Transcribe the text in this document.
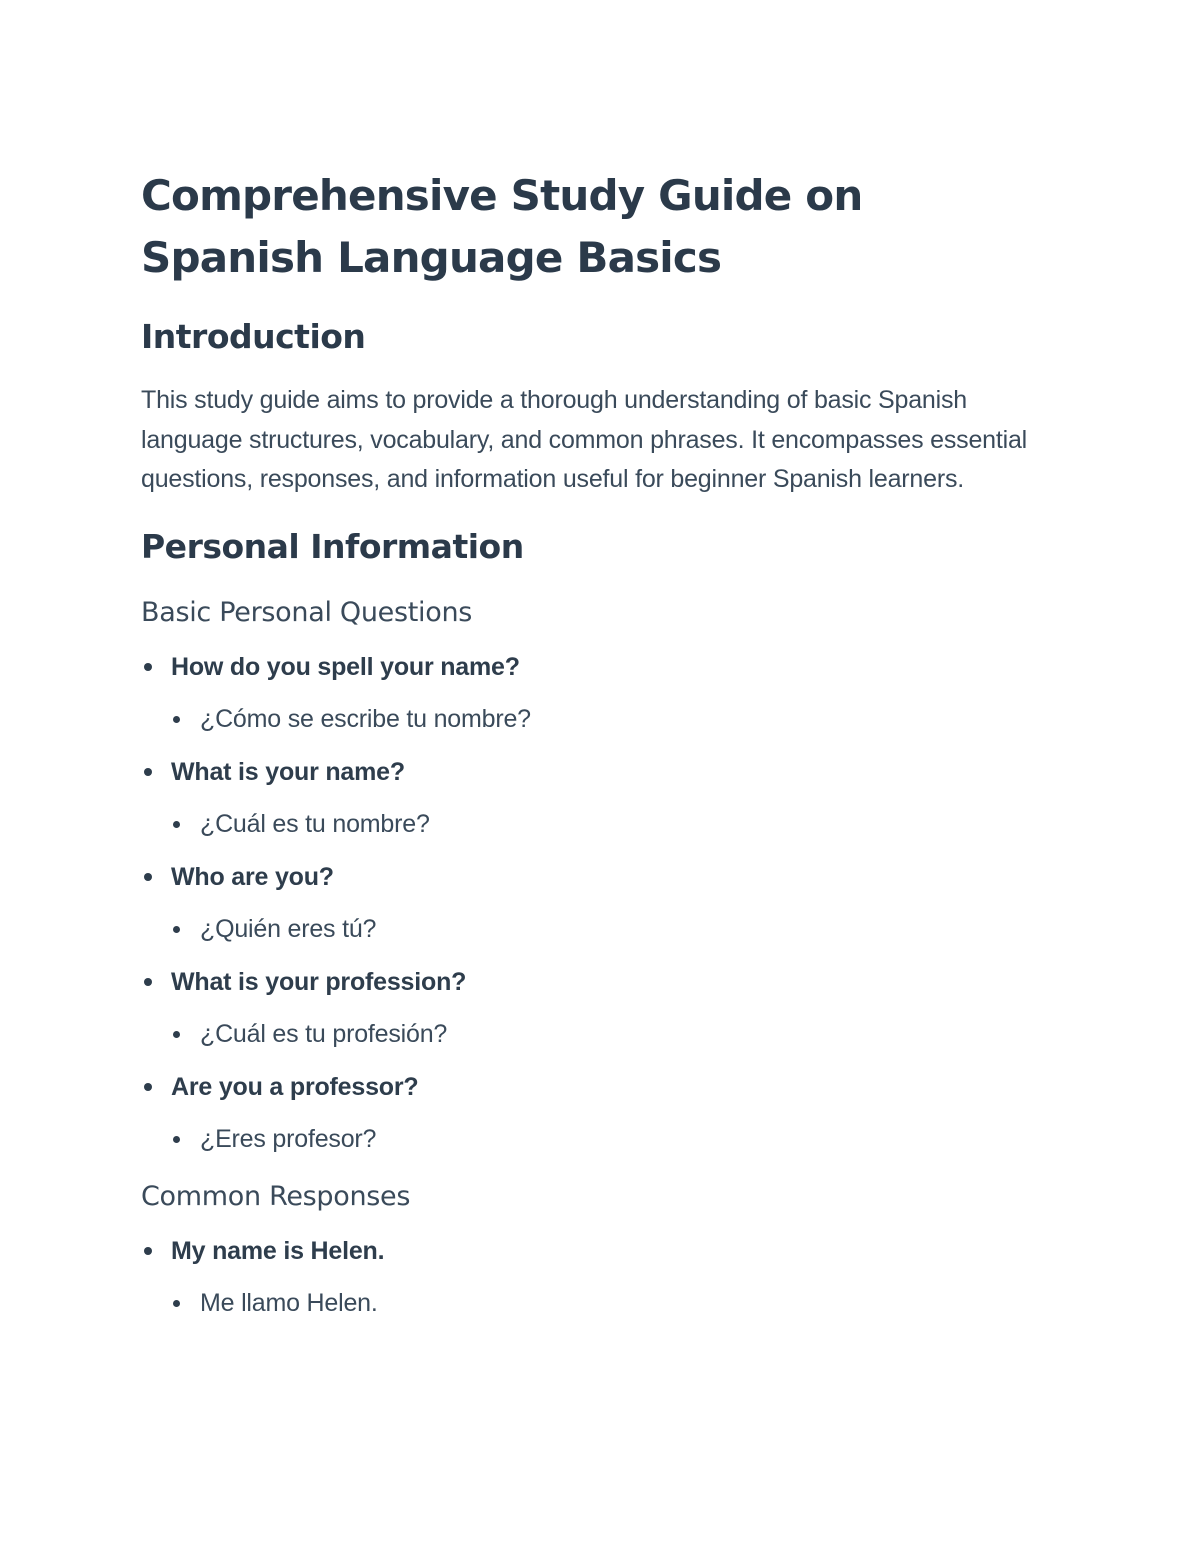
Comprehensive Study Guide on Spanish Language Basics
Introduction

This study guide aims to provide a thorough understanding of basic Spanish language structures, vocabulary, and common phrases. It encompasses essential questions, responses, and information useful for beginner Spanish learners.

Personal Information
Basic Personal Questions
How do you spell your name?
¿Cómo se escribe tu nombre?
What is your name?
¿Cuál es tu nombre?
Who are you?
¿Quién eres tú?
What is your profession?
¿Cuál es tu profesión?
Are you a professor?
¿Eres profesor?
Common Responses
My name is Helen.
Me llamo Helen.
